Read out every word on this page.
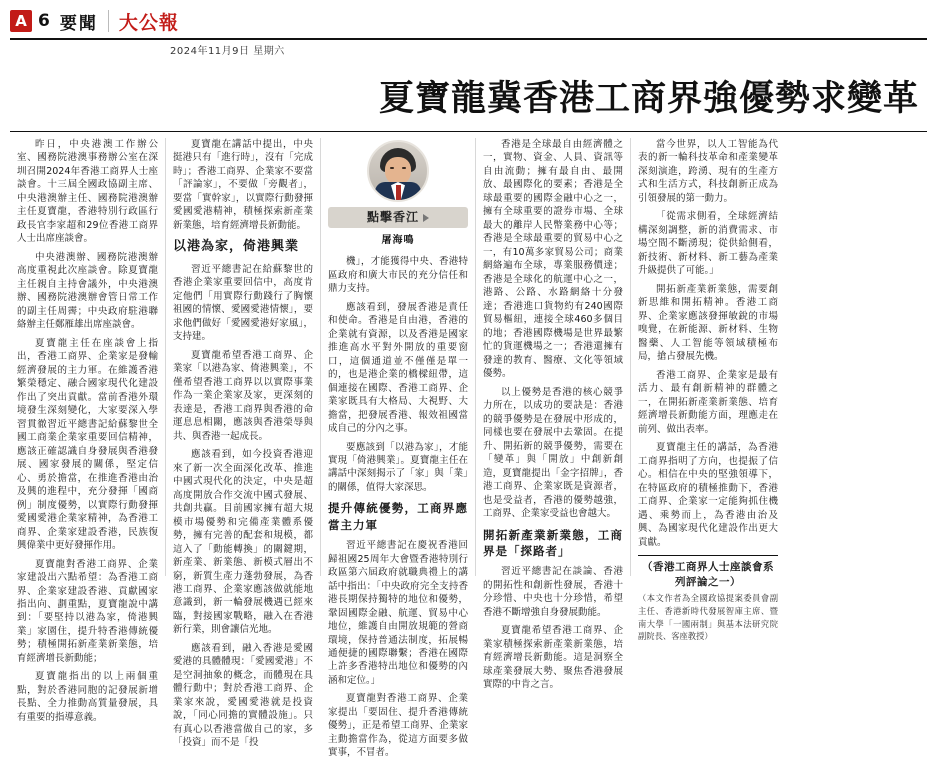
A 6 要聞 大公報
2024年11月9日 星期六
夏寶龍冀香港工商界強優勢求變革

昨日，中央港澳工作辦公室、國務院港澳事務辦公室在深圳召開2024年香港工商界人士座談會。十三屆全國政協副主席、中央港澳辦主任、國務院港澳辦主任夏寶龍，香港特別行政區行政長官李家超和29位香港工商界人士出席座談會。

中央港澳辦、國務院港澳辦高度重視此次座談會。除夏寶龍主任親自主持會議外，中央港澳辦、國務院港澳辦會管日常工作的副主任周霽；中央政府駐港聯絡辦主任鄭雁雄出席座談會。

夏寶龍主任在座談會上指出，香港工商界、企業家是發輸經濟發展的主力軍。在維護香港繁榮穩定、融合國家現代化建設作出了突出貢獻。當前香港外環境發生深刻變化，大家要深入學習貫徹習近平總書記給蘇黎世全國工商業企業家重要回信精神，應該正確認識自身發展與香港發展、國家發展的關係，堅定信心、勇於擔當，在推進香港由治及興的進程中，充分發揮「國商例」制度優勢，以實際行動發揮愛國愛港企業家精神，為香港工商界、企業家建設香港，民族復興偉業中更好發揮作用。

夏寶龍對香港工商界、企業家建設出六點希望：為香港工商界、企業家建設香港、貢獻國家指出向、劃重點，夏寶龍說中講到：「要堅持以港為家，倚港興業」家園住，提升特香港傳統優勢；積極開拓新產業新業態，培育經濟增長新動能；

夏寶龍指出的以上兩個重點，對於香港同胞的記發展新增長點、全力推動高質量發展，具有重要的指導意義。

夏寶龍在講話中提出，中央挺港只有「進行時」，沒有「完成時」；香港工商界、企業家不要當「評論家」，不要做「旁觀者」，要當「實幹家」，以實際行動發揮愛國愛港精神，積極探索新產業新業態，培育經濟增長新動能。

以港為家，倚港興業

習近平總書記在給蘇黎世的香港企業家重要回信中，高度肯定他們「用實際行動踐行了胸懷祖國的情懷、愛國愛港情懷」，要求他們做好「愛國愛港好家風」，支持建。

夏寶龍希望香港工商界、企業家「以港為家、倚港興業」，不僅希望香港工商界以以實際事業作為一業企業家及家，更深刻的表達是，香港工商界與香港的命運息息相關，應該與香港榮辱與共、與香港一起成長。

應該看到，如今投資香港迎來了新一次全面深化改革、推進中國式現代化的決定，中央是超高度開放合作交流中國式發展、共創共贏。目前國家擁有超大規模市場優勢和完備產業體系優勢，擁有完善的配套和規模，都這入了「動能轉換」的關鍵期，新產業、新業態、新模式層出不窮，新質生產力蓬勃發展，為香港工商界、企業家應該做就能地意識到，新一輪發展機遇已經來臨，對接國家戰略，融入在香港新行業，則會讓信光地。

應該看到，融入香港是愛國愛港的具體體現：「愛國愛港」不是空洞抽象的概念，而體現在具體行動中；對於香港工商界、企業家來說，愛國愛港就是投資說，「同心同擔的實體設施」。只有真心以香港當做自己的家，多「投資」而不是「投

點擊香江
屠海鳴

機」，才能獲得中央、香港特區政府和廣大市民的充分信任和鼎力支持。

應該看到，發展香港是責任和使命。香港是自由港，香港的企業就有資源，以及香港是國家推進高水平對外開放的重要窗口，這個通道並不僅僅是單一的，也是港企業的橋樑紐帶，這個連接在國際、香港工商界、企業家既具有大格局、大視野、大擔當，把發展香港、報效祖國當成自己的分內之事。

要應該到「以港為家」，才能實現「倚港興業」。夏寶龍主任在講話中深刻揭示了「家」與「業」的關係，值得大家深思。

提升傳統優勢，工商界應當主力軍

習近平總書記在慶祝香港回歸祖國25周年大會暨香港特別行政區第六屆政府就職典禮上的講話中指出：「中央政府完全支持香港長期保持獨特的地位和優勢，鞏固國際金融、航運、貿易中心地位，維護自由開放規範的營商環境，保持普通法制度，拓展暢通便捷的國際聯繫；香港在國際上許多香港特出地位和優勢的內涵和定位。」

夏寶龍對香港工商界、企業家提出「要固住、提升香港傳統優勢」，正是希望工商界、企業家主動擔當作為，從這方面要多做實事，不冒者。

香港是全球最自由經濟體之一，實物、資金、人員、資訊等自由流動；擁有最自由、最開放、最國際化的要素；香港是全球最重要的國際金融中心之一，擁有全球重要的證券市場、全球最大的離岸人民幣業務中心等；香港是全球最重要的貿易中心之一，有10萬多家貿易公司；商業網絡遍布全球，專業服務價達；香港是全球化的航運中心之一，港路、公路、水路網絡十分發達；香港進口貨物約有240國際貿易樞紐，連接全球460多個目的地；香港國際機場是世界最繁忙的貨運機場之一；香港還擁有發達的教育、醫療、文化等領域優勢。

以上優勢是香港的核心競爭力所在，以成功的要訣是：香港的競爭優勢是在發展中形成的，同樣也要在發展中去鞏固。在提升、開拓新的競爭優勢，需要在「變革」與「開放」中創新創造，夏寶龍提出「金字招牌」，香港工商界、企業家既是資源者，也是受益者，香港的優勢越強，工商界、企業家受益也會越大。

開拓新產業新業態，工商界是「探路者」

習近平總書記在談論、香港的開拓性和創新性發展，香港十分珍惜、中央也十分珍惜，希望香港不斷增強自身發展動能。

夏寶龍希望香港工商界、企業家積極探索新產業新業態，培育經濟增長新動能。這是洞察全球產業發展大勢、聚焦香港發展實際的中肯之言。

當今世界，以人工智能為代表的新一輪科技革命和產業變革深刻演進，跨湧、現有的生產方式和生活方式，科技創新正成為引領發展的第一動力。

「從需求側看，全球經濟結構深刻調整，新的消費需求、市場空間不斷湧現；從供給側看，新技術、新材料、新工藝為產業升級提供了可能。」

開拓新產業新業態，需要創新思維和開拓精神。香港工商界、企業家應該發揮敏銳的市場嗅覺，在新能源、新材料、生物醫藥、人工智能等領域積極布局，搶占發展先機。

香港工商界、企業家是最有活力、最有創新精神的群體之一，在開拓新產業新業態、培育經濟增長新動能方面，理應走在前列、做出表率。

夏寶龍主任的講話，為香港工商界指明了方向，也提振了信心。相信在中央的堅強領導下，在特區政府的積極推動下，香港工商界、企業家一定能夠抓住機遇、乘勢而上，為香港由治及興、為國家現代化建設作出更大貢獻。

（香港工商界人士座談會系列評論之一）
（本文作者為全國政協提案委員會副主任、香港新時代發展智庫主席、暨南大學「一國兩制」與基本法研究院副院長、客座教授）
